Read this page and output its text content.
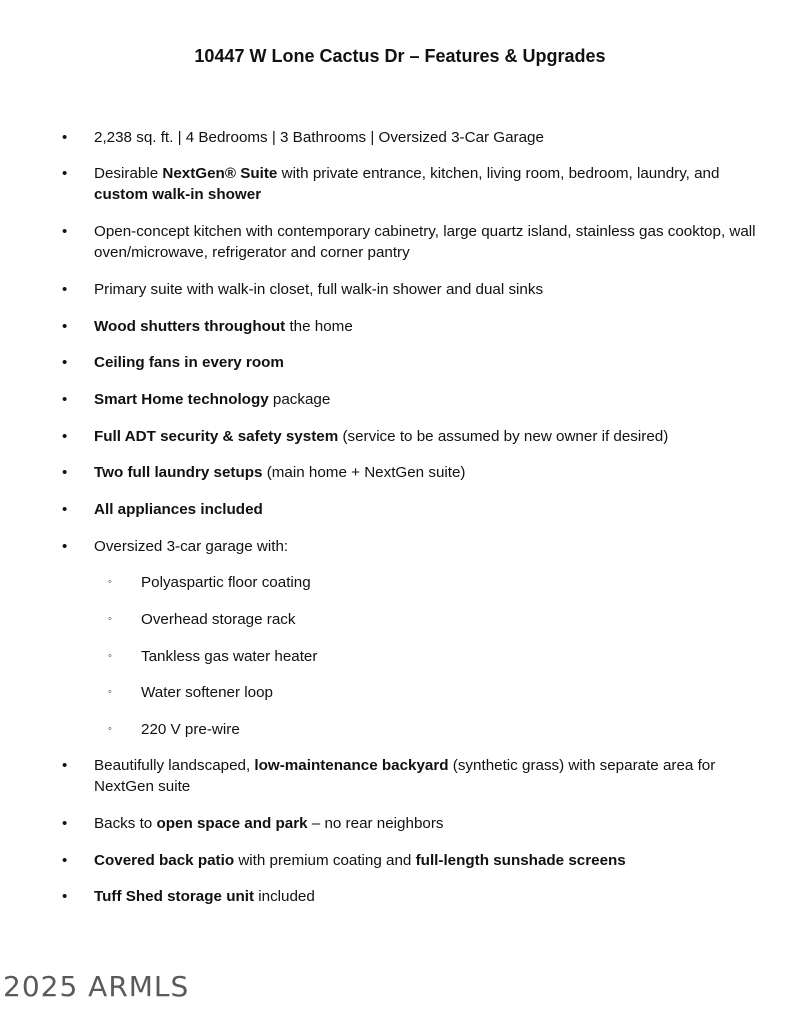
10447 W Lone Cactus Dr – Features & Upgrades
• 2,238 sq. ft. | 4 Bedrooms | 3 Bathrooms | Oversized 3-Car Garage
• Desirable NextGen® Suite with private entrance, kitchen, living room, bedroom, laundry, and custom walk-in shower
• Open-concept kitchen with contemporary cabinetry, large quartz island, stainless gas cooktop, wall oven/microwave, refrigerator and corner pantry
• Primary suite with walk-in closet, full walk-in shower and dual sinks
• Wood shutters throughout the home
• Ceiling fans in every room
• Smart Home technology package
• Full ADT security & safety system (service to be assumed by new owner if desired)
• Two full laundry setups (main home + NextGen suite)
• All appliances included
• Oversized 3-car garage with:
◦ Polyaspartic floor coating
◦ Overhead storage rack
◦ Tankless gas water heater
◦ Water softener loop
◦ 220 V pre-wire
• Beautifully landscaped, low-maintenance backyard (synthetic grass) with separate area for NextGen suite
• Backs to open space and park – no rear neighbors
• Covered back patio with premium coating and full-length sunshade screens
• Tuff Shed storage unit included
2025 ARMLS
